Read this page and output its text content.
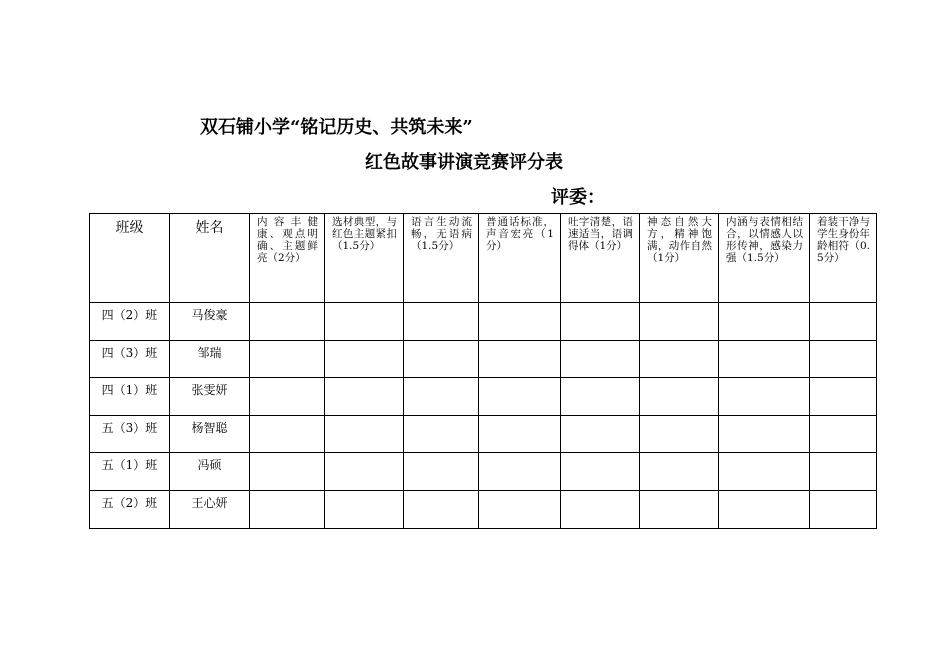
双石铺小学“铭记历史、共筑未来”
红色故事讲演竞赛评分表
评委：
班级	姓名	内容丰健康、观点明确、主题鲜亮（2分）	选材典型，与红色主题紧扣（1.5分）	语言生动流畅，无语病（1.5分）	普通话标准，声音宏亮（1分）	吐字清楚，语速适当，语调得体（1分）	神态自然大方，精神饱满，动作自然（1分）	内涵与表情相结合，以情感人以形传神，感染力强（1.5分）	着装干净与学生身份年龄相符（0.5分）
四（2）班	马俊豪								
四（3）班	邹瑞								
四（1）班	张雯妍								
五（3）班	杨智聪								
五（1）班	冯硕								
五（2）班	王心妍								
